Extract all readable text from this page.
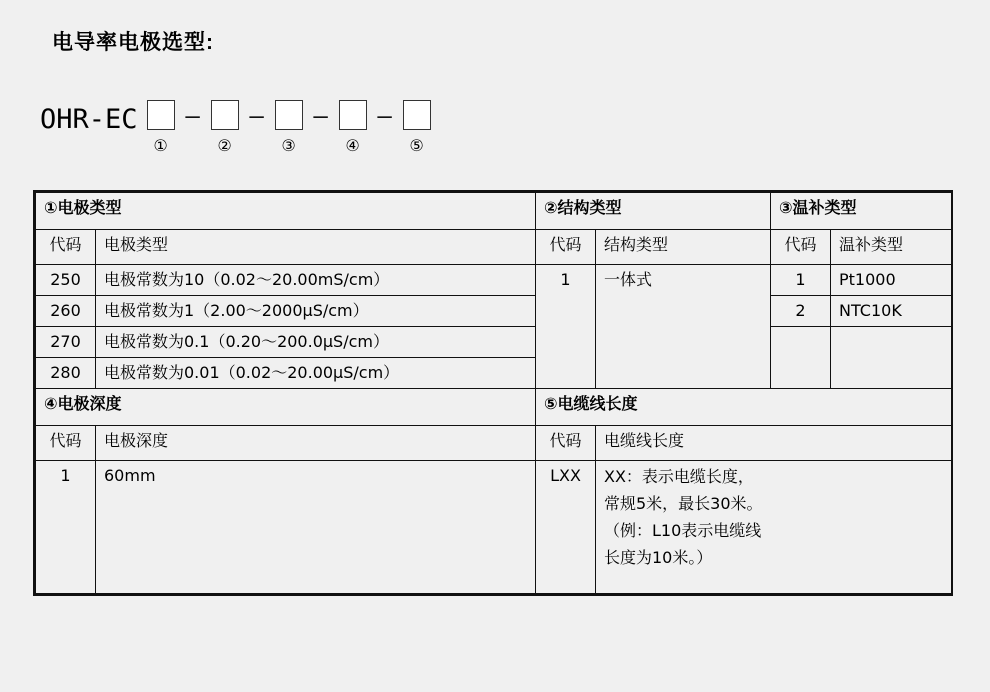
电导率电极选型:
OHR-EC
①
—
②
—
③
—
④
—
⑤
①电极类型		②结构类型		③温补类型	
代码	电极类型	代码	结构类型	代码	温补类型
250	电极常数为10（0.02～20.00mS/cm）	1	一体式	1	Pt1000
260	电极常数为1（2.00～2000μS/cm）			2	NTC10K
270	电极常数为0.1（0.20～200.0μS/cm）				
280	电极常数为0.01（0.02～20.00μS/cm）				
④电极深度		⑤电缆线长度			
代码	电极深度	代码	电缆线长度		
1	60mm	LXX	XX：表示电缆长度，
常规5米，最长30米。
（例：L10表示电缆线
长度为10米。）		
